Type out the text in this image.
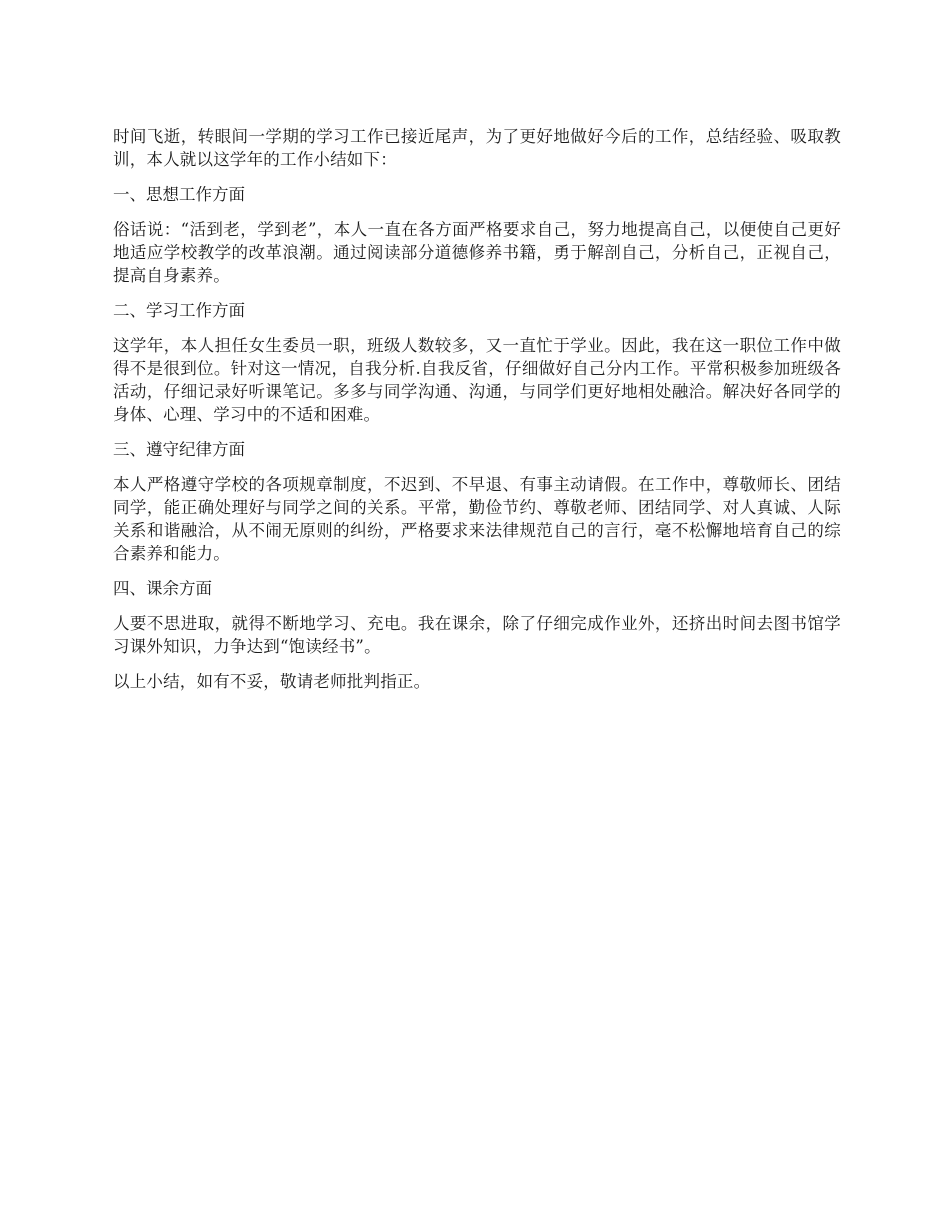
时间飞逝，转眼间一学期的学习工作已接近尾声，为了更好地做好今后的工作，总结经验、吸取教训，本人就以这学年的工作小结如下：

一、思想工作方面

俗话说：“活到老，学到老”，本人一直在各方面严格要求自己，努力地提高自己，以便使自己更好地适应学校教学的改革浪潮。通过阅读部分道德修养书籍，勇于解剖自己，分析自己，正视自己，提高自身素养。

二、学习工作方面

这学年，本人担任女生委员一职，班级人数较多，又一直忙于学业。因此，我在这一职位工作中做得不是很到位。针对这一情况，自我分析.自我反省，仔细做好自己分内工作。平常积极参加班级各活动，仔细记录好听课笔记。多多与同学沟通、沟通，与同学们更好地相处融洽。解决好各同学的身体、心理、学习中的不适和困难。

三、遵守纪律方面

本人严格遵守学校的各项规章制度，不迟到、不早退、有事主动请假。在工作中，尊敬师长、团结同学，能正确处理好与同学之间的关系。平常，勤俭节约、尊敬老师、团结同学、对人真诚、人际关系和谐融洽，从不闹无原则的纠纷，严格要求来法律规范自己的言行，毫不松懈地培育自己的综合素养和能力。

四、课余方面

人要不思进取，就得不断地学习、充电。我在课余，除了仔细完成作业外，还挤出时间去图书馆学习课外知识，力争达到“饱读经书”。

以上小结，如有不妥，敬请老师批判指正。
